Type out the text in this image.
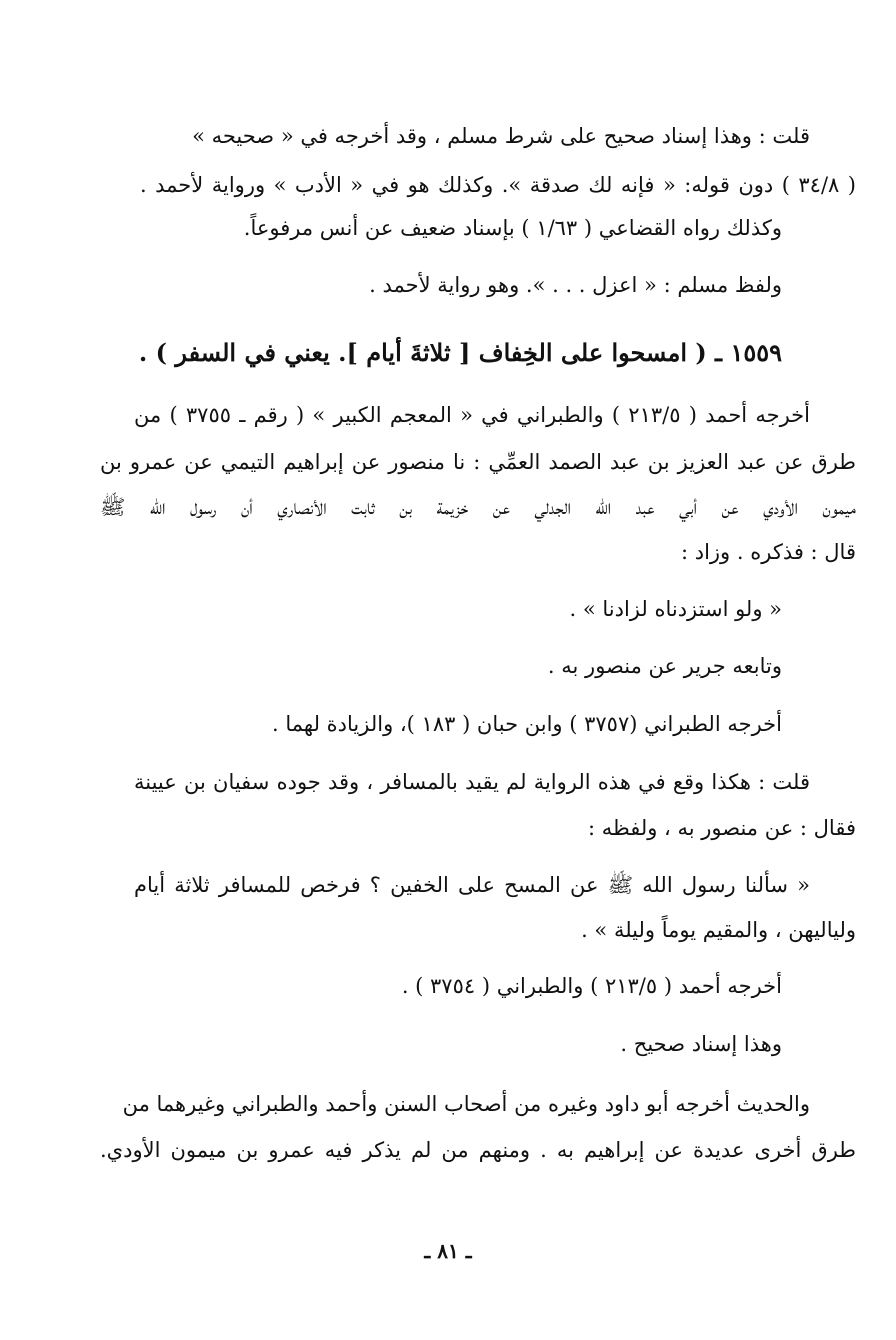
قلت : وهذا إسناد صحيح على شرط مسلم ، وقد أخرجه في « صحيحه »
( ٣٤/٨ ) دون قوله: « فإنه لك صدقة ». وكذلك هو في « الأدب » ورواية لأحمد .
وكذلك رواه القضاعي ( ١/٦٣ ) بإسناد ضعيف عن أنس مرفوعاً.
ولفظ مسلم : « اعزل . . . ». وهو رواية لأحمد .
١٥٥٩ ـ ( امسحوا على الخِفاف [ ثلاثةَ أيام ]. يعني في السفر ) .
أخرجه أحمد ( ٢١٣/٥ ) والطبراني في « المعجم الكبير » ( رقم ـ ٣٧٥٥ ) من
طرق عن عبد العزيز بن عبد الصمد العمِّي : نا منصور عن إبراهيم التيمي عن عمرو بن
ميمون الأودي عن أبي عبد الله الجدلي عن خزيمة بن ثابت الأنصاري أن رسول الله ﷺ
قال : فذكره . وزاد :
« ولو استزدناه لزادنا » .
وتابعه جرير عن منصور به .
أخرجه الطبراني (٣٧٥٧ ) وابن حبان ( ١٨٣ )، والزيادة لهما .
قلت : هكذا وقع في هذه الرواية لم يقيد بالمسافر ، وقد جوده سفيان بن عيينة
فقال : عن منصور به ، ولفظه :
« سألنا رسول الله ﷺ عن المسح على الخفين ؟ فرخص للمسافر ثلاثة أيام
ولياليهن ، والمقيم يوماً وليلة » .
أخرجه أحمد ( ٢١٣/٥ ) والطبراني ( ٣٧٥٤ ) .
وهذا إسناد صحيح .
والحديث أخرجه أبو داود وغيره من أصحاب السنن وأحمد والطبراني وغيرهما من
طرق أخرى عديدة عن إبراهيم به . ومنهم من لم يذكر فيه عمرو بن ميمون الأودي.
ـ ٨١ ـ
